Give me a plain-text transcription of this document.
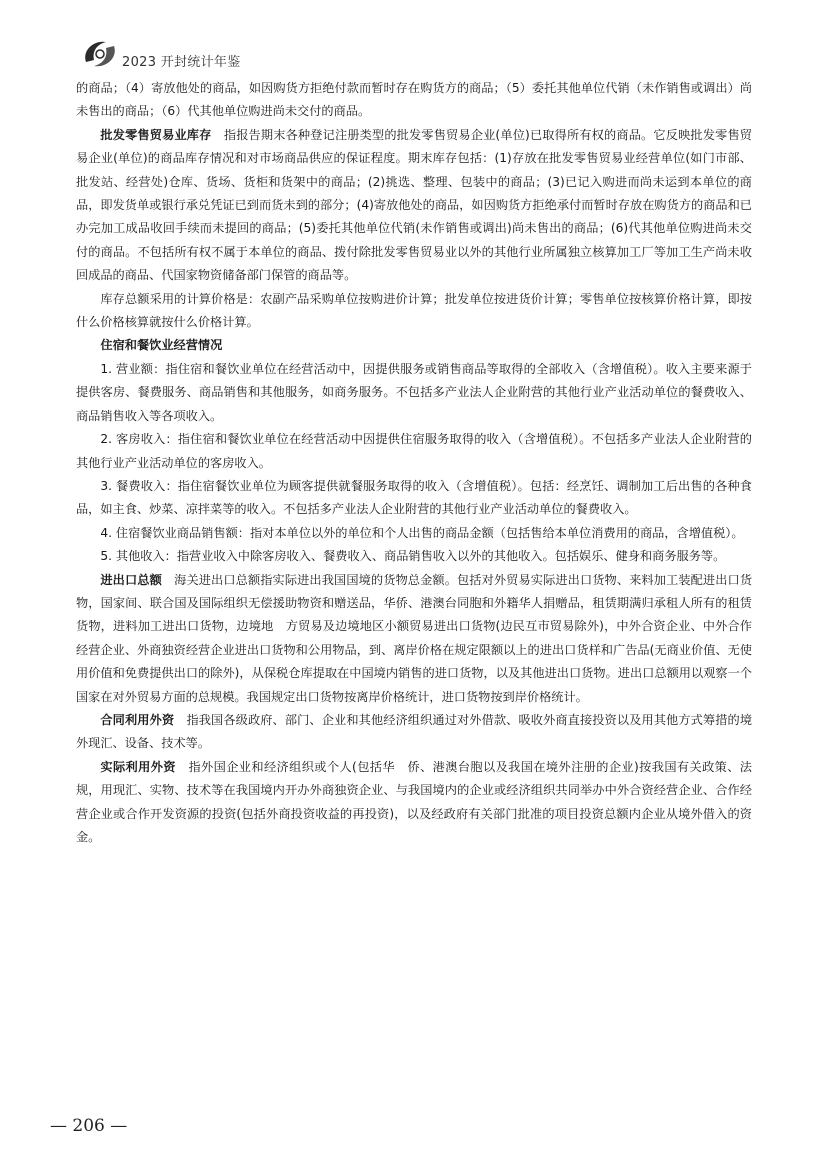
2023 开封统计年鉴

的商品；（4）寄放他处的商品，如因购货方拒绝付款而暂时存在购货方的商品；（5）委托其他单位代销（未作销售或调出）尚未售出的商品；（6）代其他单位购进尚未交付的商品。

批发零售贸易业库存　指报告期末各种登记注册类型的批发零售贸易企业(单位)已取得所有权的商品。它反映批发零售贸易企业(单位)的商品库存情况和对市场商品供应的保证程度。期末库存包括：(1)存放在批发零售贸易业经营单位(如门市部、批发站、经营处)仓库、货场、货柜和货架中的商品；(2)挑选、整理、包装中的商品；(3)已记入购进而尚未运到本单位的商品，即发货单或银行承兑凭证已到而货未到的部分；(4)寄放他处的商品，如因购货方拒绝承付而暂时存放在购货方的商品和已办完加工成品收回手续而未提回的商品；(5)委托其他单位代销(未作销售或调出)尚未售出的商品；(6)代其他单位购进尚未交付的商品。不包括所有权不属于本单位的商品、拨付除批发零售贸易业以外的其他行业所属独立核算加工厂等加工生产尚未收回成品的商品、代国家物资储备部门保管的商品等。

库存总额采用的计算价格是：农副产品采购单位按购进价计算；批发单位按进货价计算；零售单位按核算价格计算，即按什么价格核算就按什么价格计算。

住宿和餐饮业经营情况

1. 营业额：指住宿和餐饮业单位在经营活动中，因提供服务或销售商品等取得的全部收入（含增值税）。收入主要来源于提供客房、餐费服务、商品销售和其他服务，如商务服务。不包括多产业法人企业附营的其他行业产业活动单位的餐费收入、商品销售收入等各项收入。

2. 客房收入：指住宿和餐饮业单位在经营活动中因提供住宿服务取得的收入（含增值税）。不包括多产业法人企业附营的其他行业产业活动单位的客房收入。

3. 餐费收入：指住宿餐饮业单位为顾客提供就餐服务取得的收入（含增值税）。包括：经烹饪、调制加工后出售的各种食品，如主食、炒菜、凉拌菜等的收入。不包括多产业法人企业附营的其他行业产业活动单位的餐费收入。

4. 住宿餐饮业商品销售额：指对本单位以外的单位和个人出售的商品金额（包括售给本单位消费用的商品，含增值税）。

5. 其他收入：指营业收入中除客房收入、餐费收入、商品销售收入以外的其他收入。包括娱乐、健身和商务服务等。

进出口总额　海关进出口总额指实际进出我国国境的货物总金额。包括对外贸易实际进出口货物、来料加工装配进出口货物，国家间、联合国及国际组织无偿援助物资和赠送品，华侨、港澳台同胞和外籍华人捐赠品，租赁期满归承租人所有的租赁货物，进料加工进出口货物，边境地　方贸易及边境地区小额贸易进出口货物(边民互市贸易除外)，中外合资企业、中外合作经营企业、外商独资经营企业进出口货物和公用物品，到、离岸价格在规定限额以上的进出口货样和广告品(无商业价值、无使用价值和免费提供出口的除外)，从保税仓库提取在中国境内销售的进口货物，以及其他进出口货物。进出口总额用以观察一个国家在对外贸易方面的总规模。我国规定出口货物按离岸价格统计，进口货物按到岸价格统计。

合同利用外资　指我国各级政府、部门、企业和其他经济组织通过对外借款、吸收外商直接投资以及用其他方式筹措的境外现汇、设备、技术等。

实际利用外资　指外国企业和经济组织或个人(包括华　侨、港澳台胞以及我国在境外注册的企业)按我国有关政策、法规，用现汇、实物、技术等在我国境内开办外商独资企业、与我国境内的企业或经济组织共同举办中外合资经营企业、合作经营企业或合作开发资源的投资(包括外商投资收益的再投资)，以及经政府有关部门批准的项目投资总额内企业从境外借入的资金。

— 206 —
